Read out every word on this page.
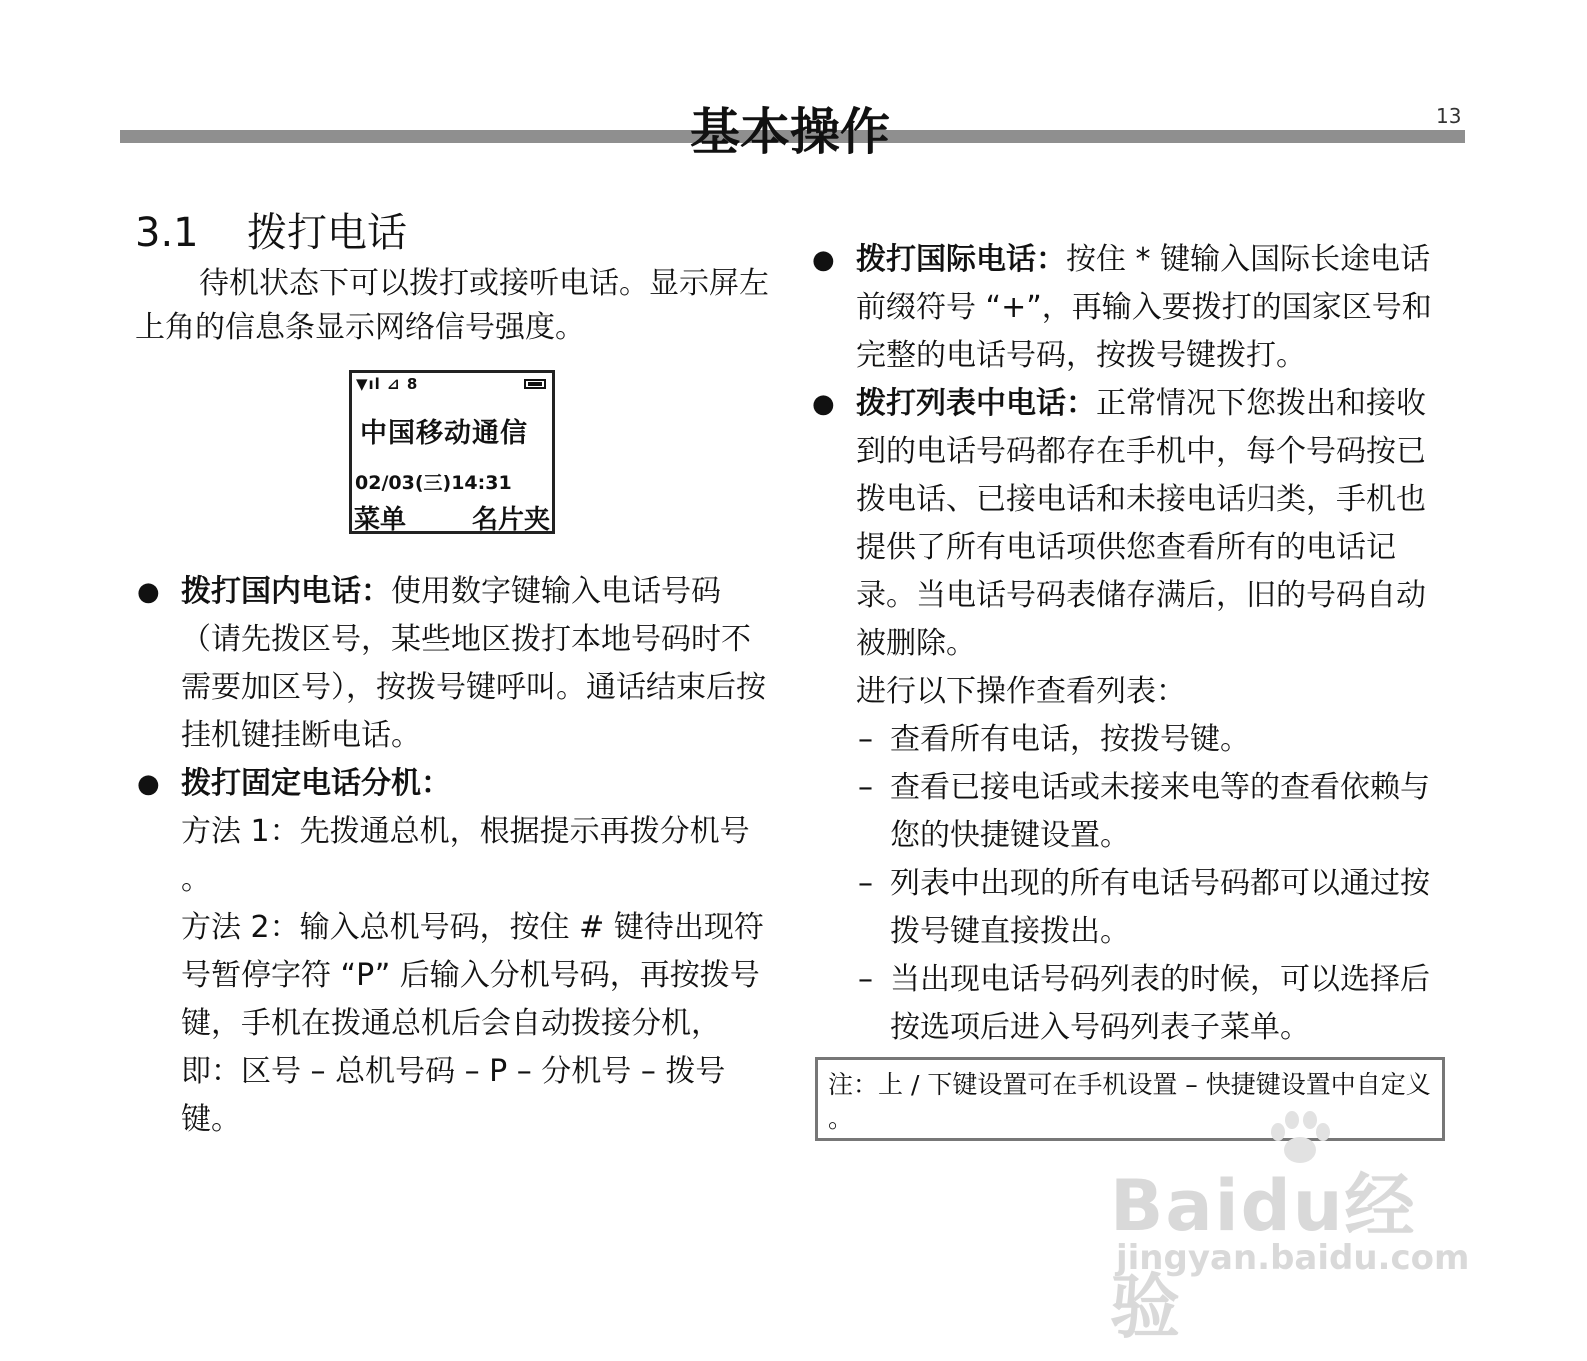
基本操作	13
3.1 拨打电话
待机状态下可以拨打或接听电话。显示屏左上角的信息条显示网络信号强度。
▼ıl ⊿ 8
中国移动通信
02/03(三)14:31
菜单	名片夹
● 拨打国内电话：使用数字键输入电话号码（请先拨区号，某些地区拨打本地号码时不需要加区号），按拨号键呼叫。通话结束后按挂机键挂断电话。
● 拨打固定电话分机：
方法 1：先拨通总机，根据提示再拨分机号 。
方法 2：输入总机号码，按住 # 键待出现符号暂停字符 “P” 后输入分机号码，再按拨号键，手机在拨通总机后会自动拨接分机，即：区号 – 总机号码 – P – 分机号 – 拨号键。
● 拨打国际电话：按住 * 键输入国际长途电话前缀符号 “+”，再输入要拨打的国家区号和完整的电话号码，按拨号键拨打。
● 拨打列表中电话：正常情况下您拨出和接收到的电话号码都存在手机中，每个号码按已拨电话、已接电话和未接电话归类，手机也提供了所有电话项供您查看所有的电话记录。当电话号码表储存满后，旧的号码自动被删除。
进行以下操作查看列表：
– 查看所有电话，按拨号键。
– 查看已接电话或未接来电等的查看依赖与您的快捷键设置。
– 列表中出现的所有电话号码都可以通过按拨号键直接拨出。
– 当出现电话号码列表的时候，可以选择后按选项后进入号码列表子菜单。
注：上 / 下键设置可在手机设置 – 快捷键设置中自定义 。
Baidu经验
jingyan.baidu.com
